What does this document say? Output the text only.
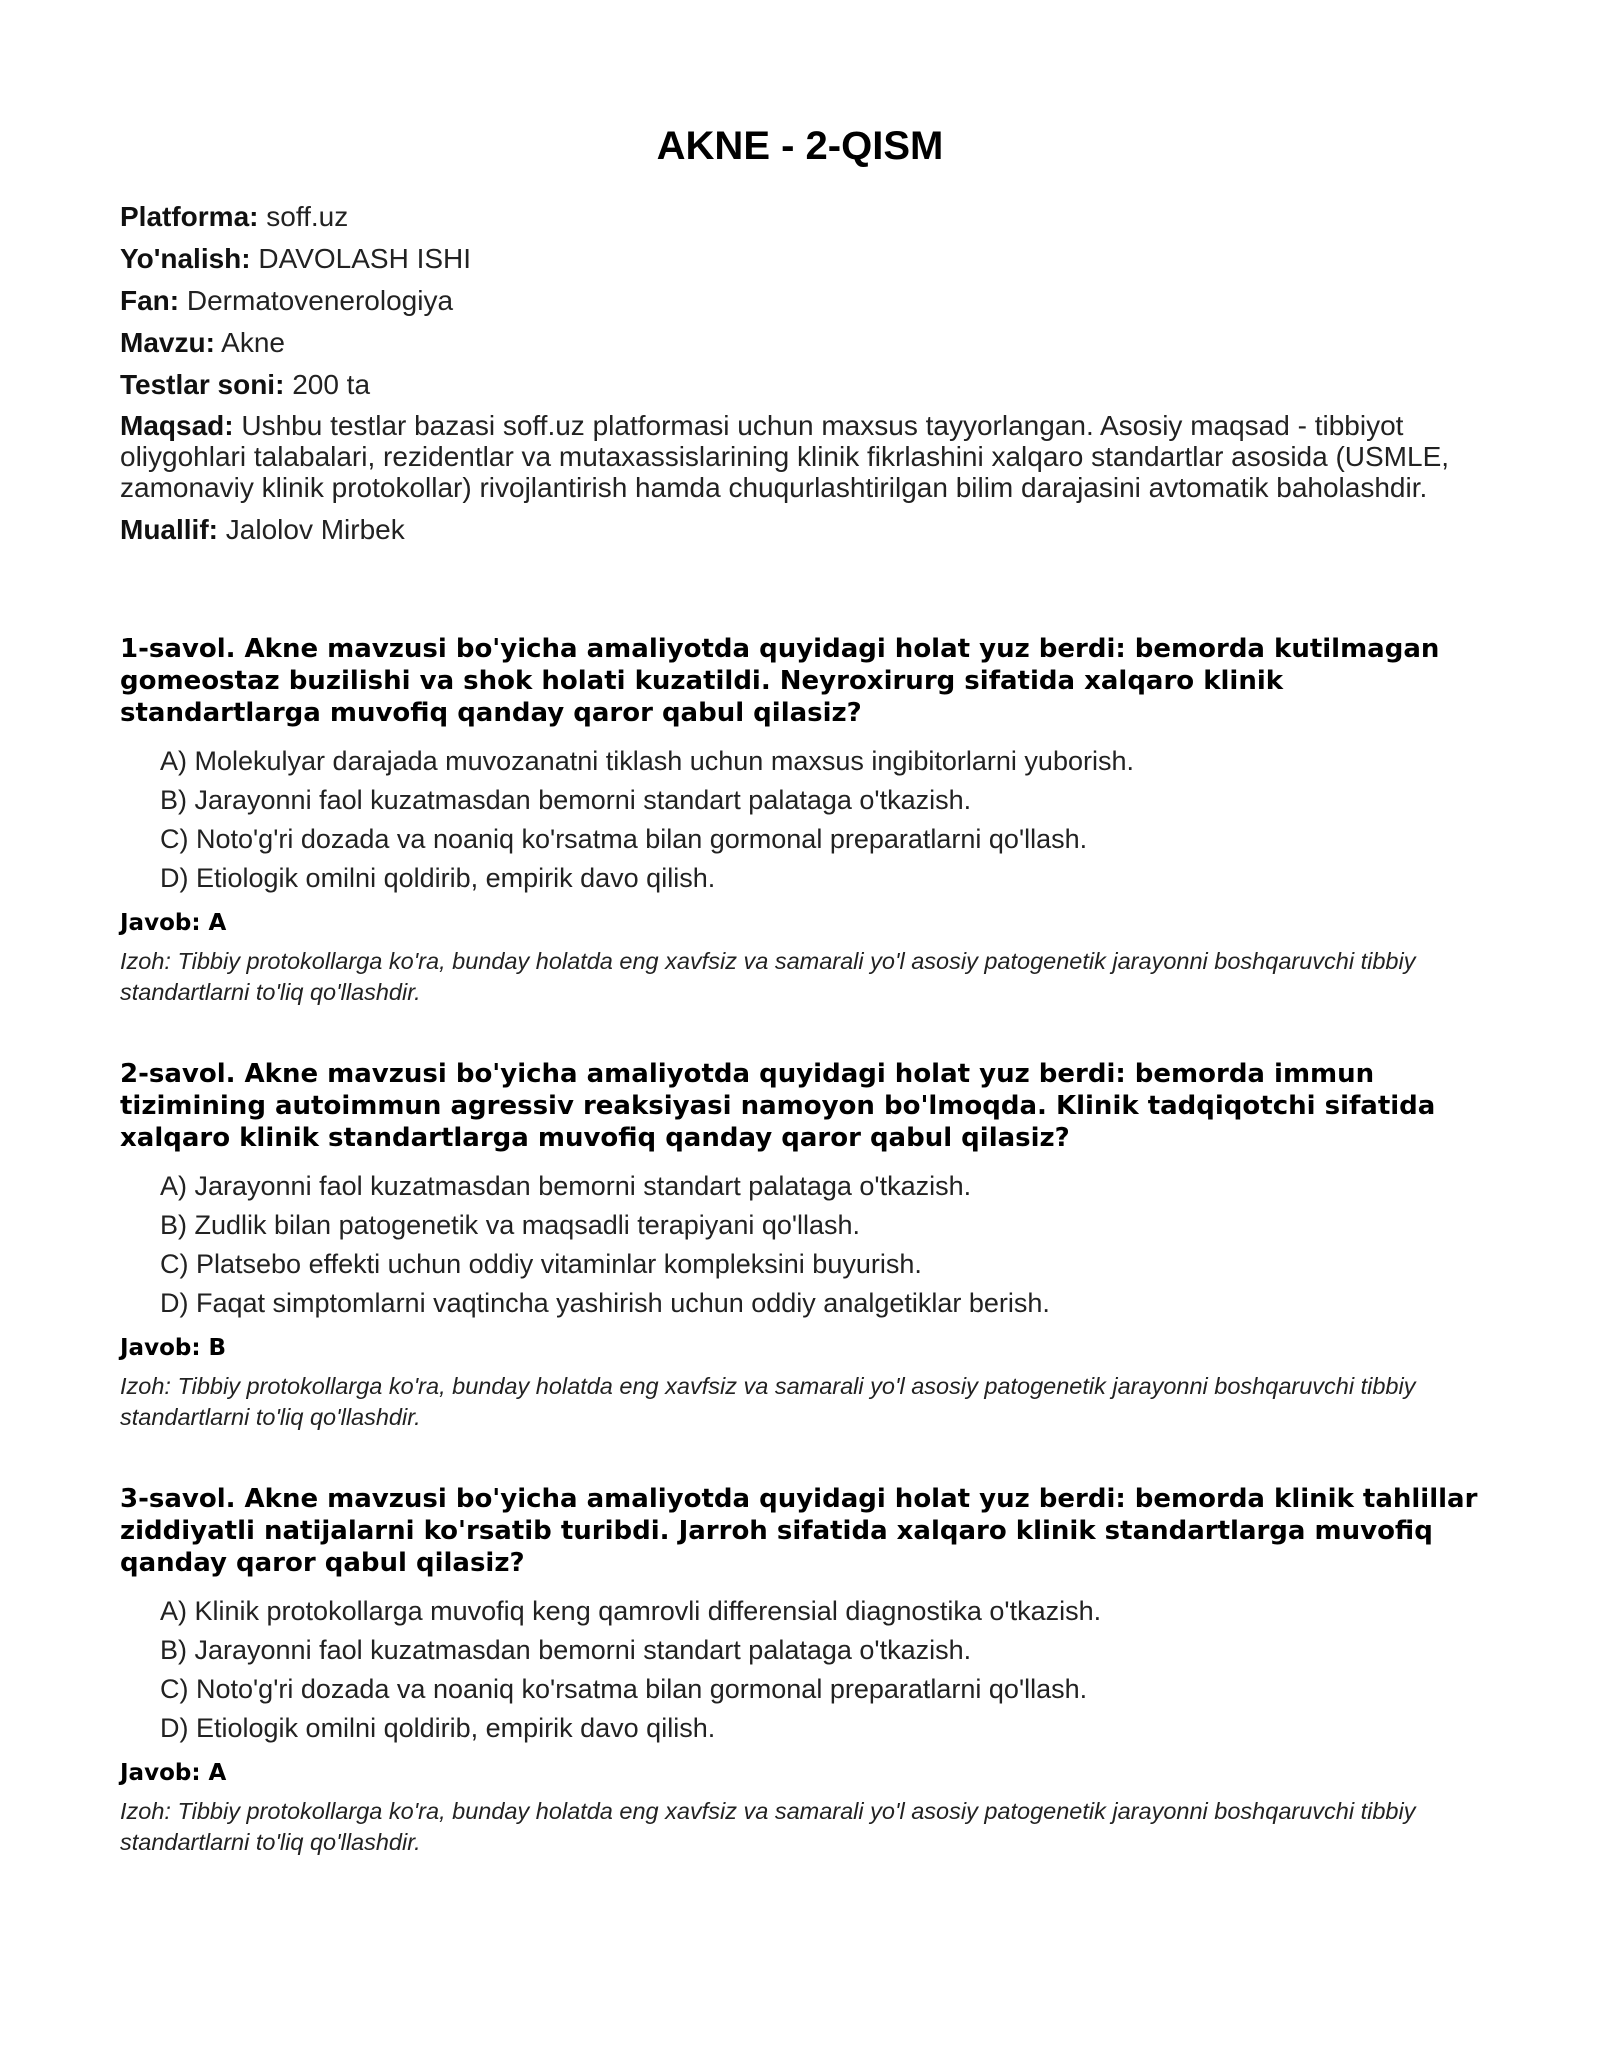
AKNE - 2-QISM
Platforma: soff.uz
Yo'nalish: DAVOLASH ISHI
Fan: Dermatovenerologiya
Mavzu: Akne
Testlar soni: 200 ta
Maqsad: Ushbu testlar bazasi soff.uz platformasi uchun maxsus tayyorlangan. Asosiy maqsad - tibbiyot oliygohlari talabalari, rezidentlar va mutaxassislarining klinik fikrlashini xalqaro standartlar asosida (USMLE, zamonaviy klinik protokollar) rivojlantirish hamda chuqurlashtirilgan bilim darajasini avtomatik baholashdir.
Muallif: Jalolov Mirbek
1-savol. Akne mavzusi bo'yicha amaliyotda quyidagi holat yuz berdi: bemorda kutilmagan gomeostaz buzilishi va shok holati kuzatildi. Neyroxirurg sifatida xalqaro klinik standartlarga muvofiq qanday qaror qabul qilasiz?
A) Molekulyar darajada muvozanatni tiklash uchun maxsus ingibitorlarni yuborish.
B) Jarayonni faol kuzatmasdan bemorni standart palataga o'tkazish.
C) Noto'g'ri dozada va noaniq ko'rsatma bilan gormonal preparatlarni qo'llash.
D) Etiologik omilni qoldirib, empirik davo qilish.
Javob: A
Izoh: Tibbiy protokollarga ko'ra, bunday holatda eng xavfsiz va samarali yo'l asosiy patogenetik jarayonni boshqaruvchi tibbiy standartlarni to'liq qo'llashdir.
2-savol. Akne mavzusi bo'yicha amaliyotda quyidagi holat yuz berdi: bemorda immun tizimining autoimmun agressiv reaksiyasi namoyon bo'lmoqda. Klinik tadqiqotchi sifatida xalqaro klinik standartlarga muvofiq qanday qaror qabul qilasiz?
A) Jarayonni faol kuzatmasdan bemorni standart palataga o'tkazish.
B) Zudlik bilan patogenetik va maqsadli terapiyani qo'llash.
C) Platsebo effekti uchun oddiy vitaminlar kompleksini buyurish.
D) Faqat simptomlarni vaqtincha yashirish uchun oddiy analgetiklar berish.
Javob: B
Izoh: Tibbiy protokollarga ko'ra, bunday holatda eng xavfsiz va samarali yo'l asosiy patogenetik jarayonni boshqaruvchi tibbiy standartlarni to'liq qo'llashdir.
3-savol. Akne mavzusi bo'yicha amaliyotda quyidagi holat yuz berdi: bemorda klinik tahlillar ziddiyatli natijalarni ko'rsatib turibdi. Jarroh sifatida xalqaro klinik standartlarga muvofiq qanday qaror qabul qilasiz?
A) Klinik protokollarga muvofiq keng qamrovli differensial diagnostika o'tkazish.
B) Jarayonni faol kuzatmasdan bemorni standart palataga o'tkazish.
C) Noto'g'ri dozada va noaniq ko'rsatma bilan gormonal preparatlarni qo'llash.
D) Etiologik omilni qoldirib, empirik davo qilish.
Javob: A
Izoh: Tibbiy protokollarga ko'ra, bunday holatda eng xavfsiz va samarali yo'l asosiy patogenetik jarayonni boshqaruvchi tibbiy standartlarni to'liq qo'llashdir.
